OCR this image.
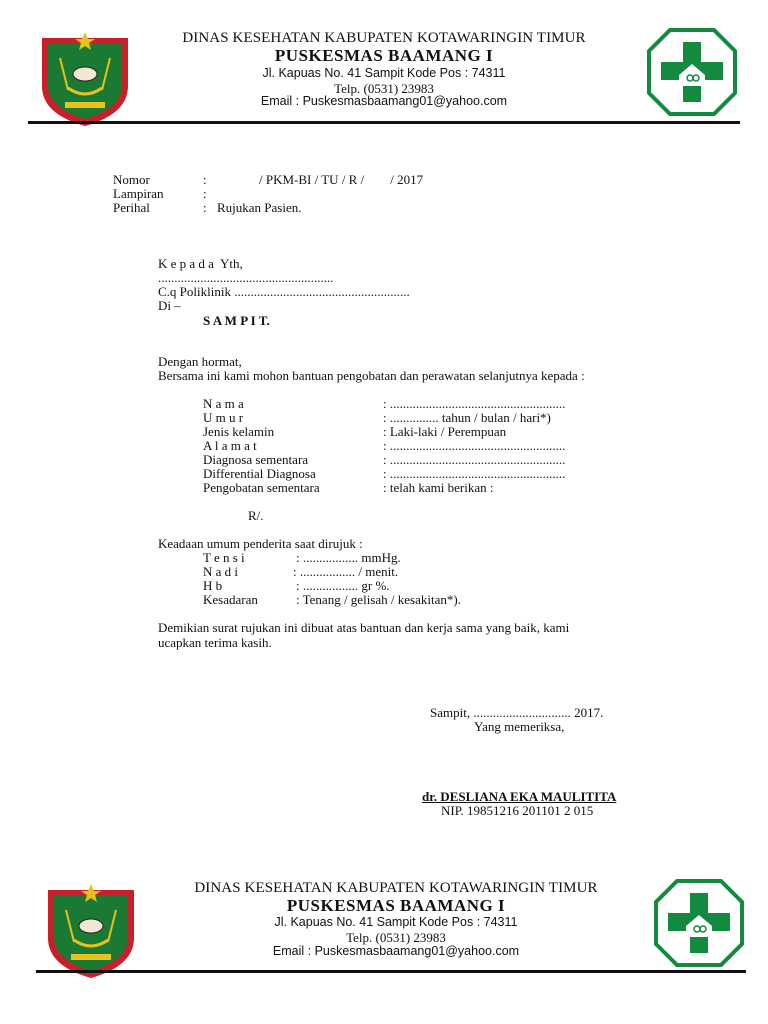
DINAS KESEHATAN KABUPATEN KOTAWARINGIN TIMUR
PUSKESMAS BAAMANG I
Jl. Kapuas No. 41 Sampit Kode Pos : 74311
Telp. (0531) 23983
Email : Puskesmasbaamang01@yahoo.com
Nomor	:	/ PKM-BI / TU / R /        / 2017
Lampiran	:
Perihal	: Rujukan Pasien.
K e p a d a  Yth,
......................................................
C.q Poliklinik ......................................................
Di –
S A M P I T.
Dengan hormat,
Bersama ini kami mohon bantuan pengobatan dan perawatan selanjutnya kepada :
N a m a	: ......................................................
U m u r	: ............... tahun / bulan / hari*)
Jenis kelamin	: Laki-laki / Perempuan
A l a m a t	: ......................................................
Diagnosa sementara	: ......................................................
Differential Diagnosa	: ......................................................
Pengobatan sementara	: telah kami berikan :
R/.
Keadaan umum penderita saat dirujuk :
T e n s i	: ................. mmHg.
N a d i	: ................. / menit.
H b	: ................. gr %.
Kesadaran	: Tenang / gelisah / kesakitan*).
Demikian surat rujukan ini dibuat atas bantuan dan kerja sama yang baik, kami
ucapkan terima kasih.
Sampit, .............................. 2017.
Yang memeriksa,
dr. DESLIANA EKA MAULITITA
NIP. 19851216 201101 2 015
DINAS KESEHATAN KABUPATEN KOTAWARINGIN TIMUR
PUSKESMAS BAAMANG I
Jl. Kapuas No. 41 Sampit Kode Pos : 74311
Telp. (0531) 23983
Email : Puskesmasbaamang01@yahoo.com
